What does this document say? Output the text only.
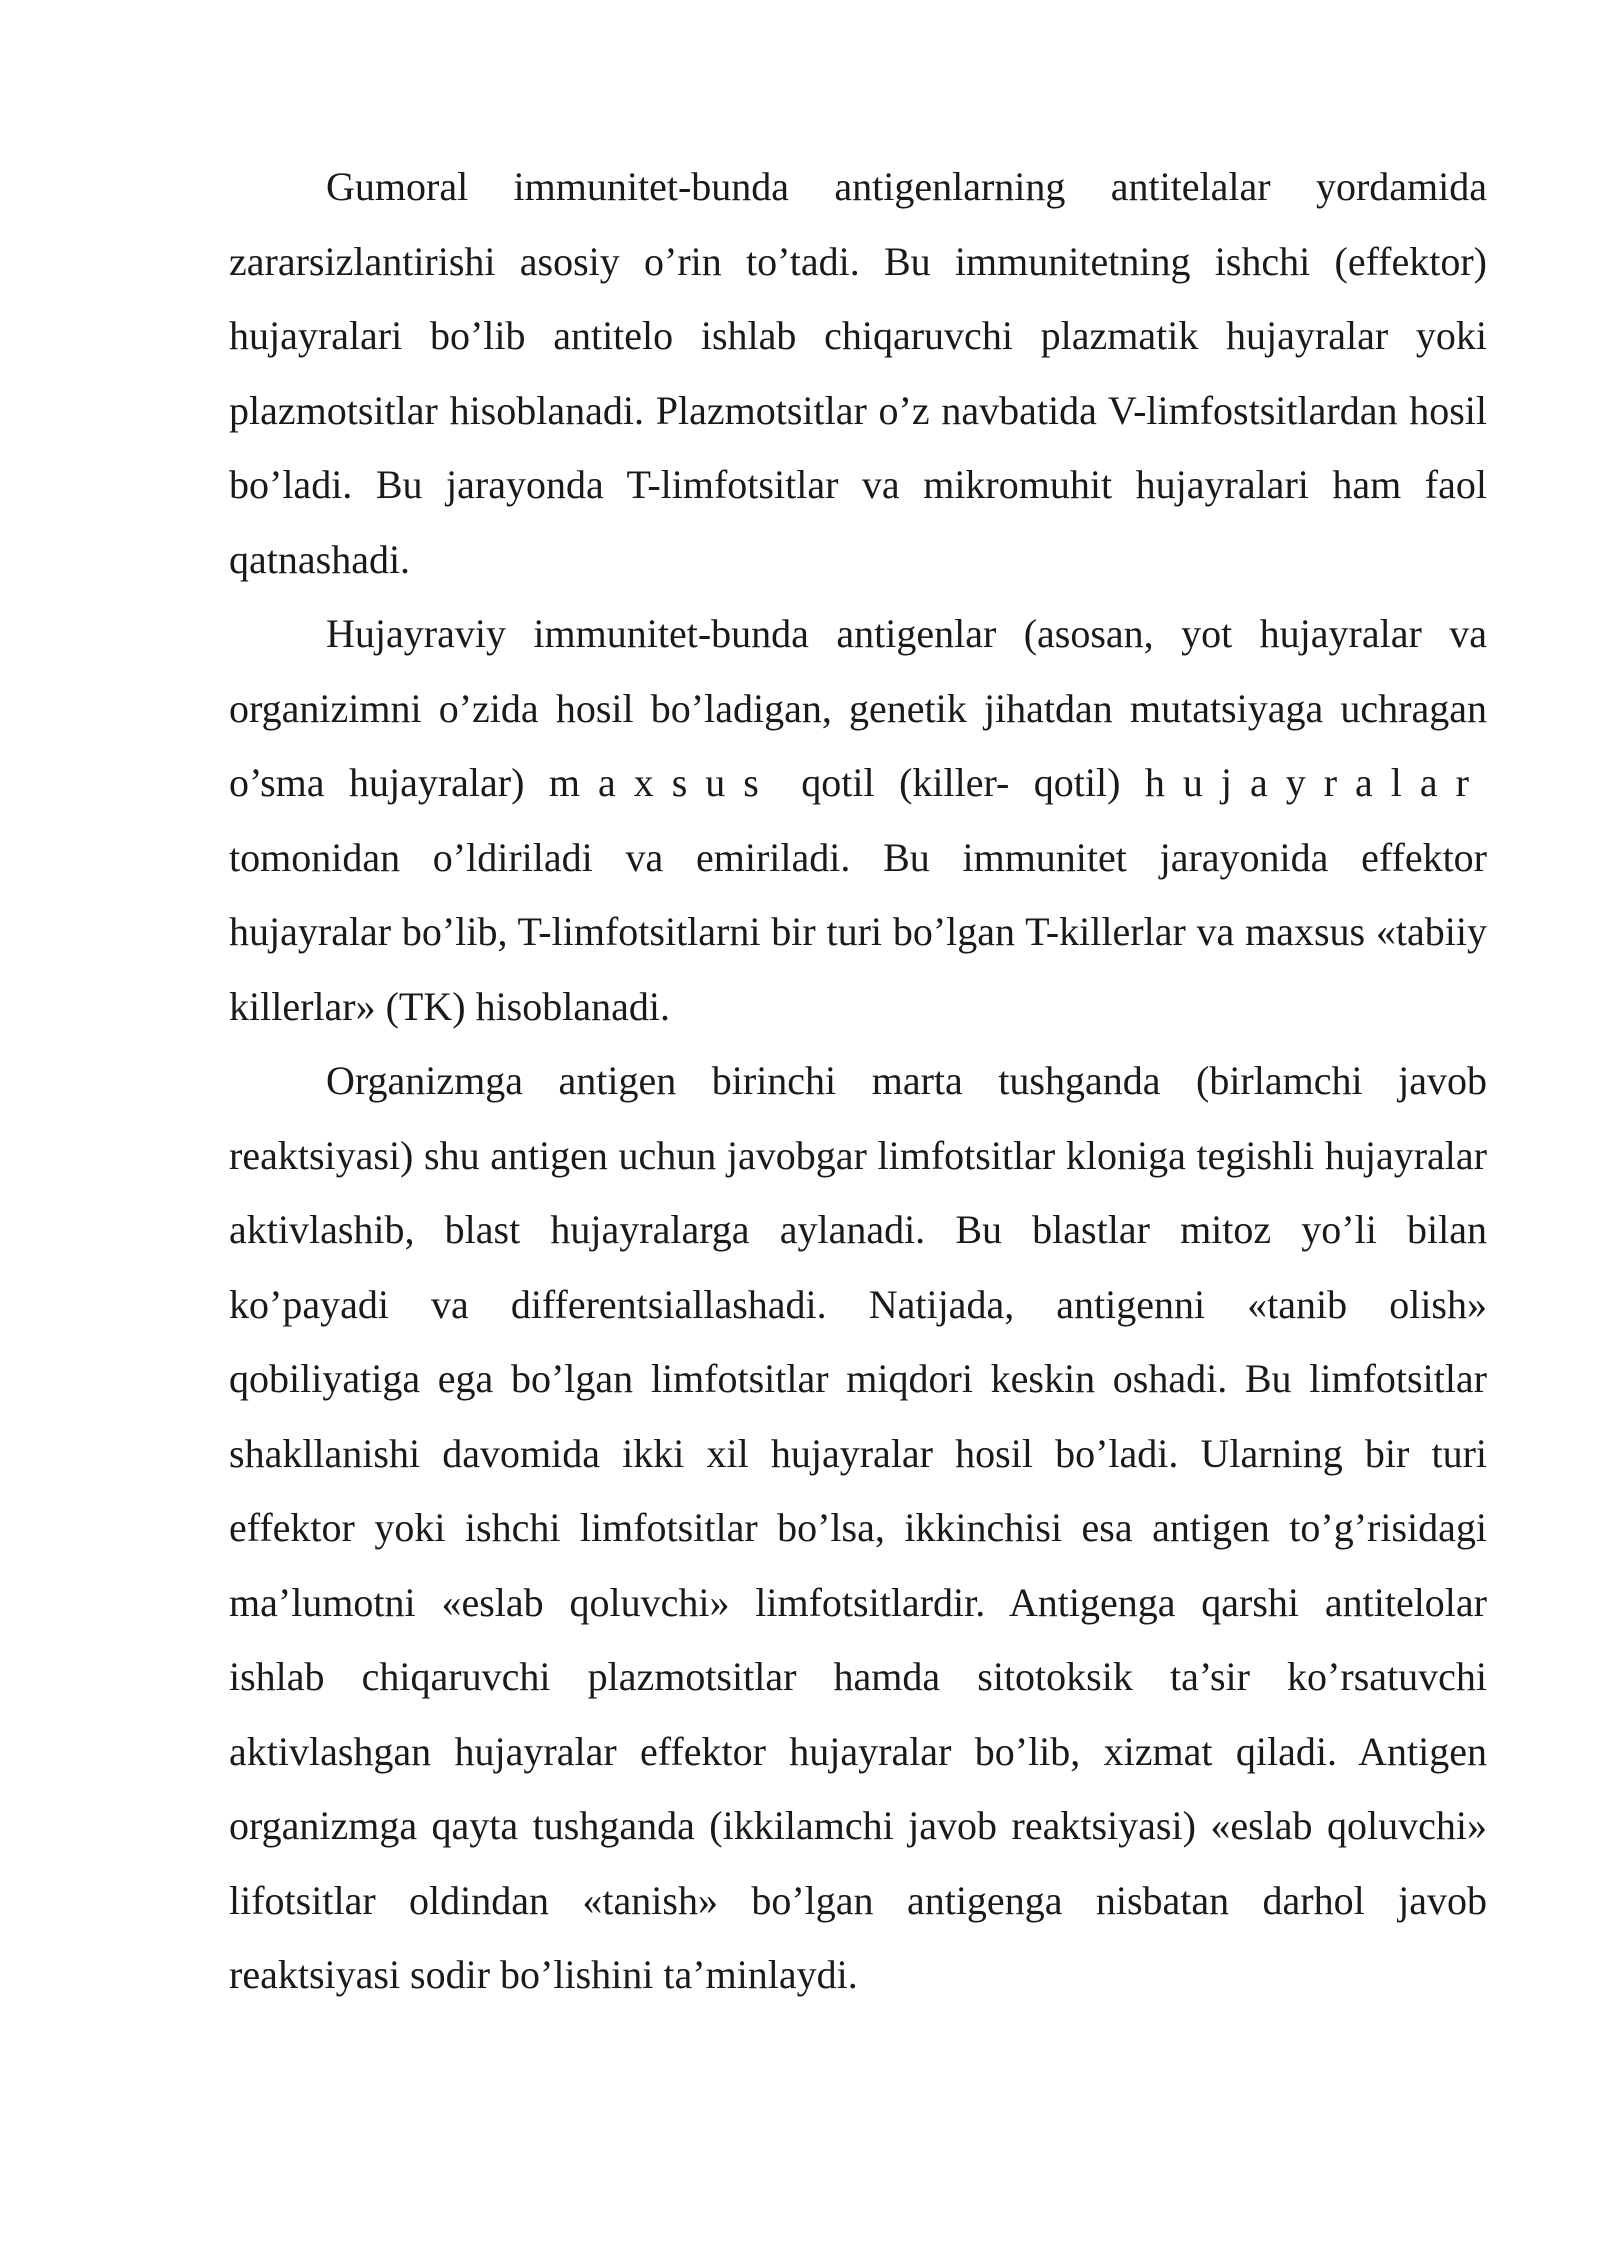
Gumoral immunitet-bunda antigenlarning antitelalar yordamida zararsizlantirishi asosiy o’rin to’tadi. Bu immunitetning ishchi (effektor) hujayralari bo’lib antitelo ishlab chiqaruvchi plazmatik hujayralar yoki plazmotsitlar hisoblanadi. Plazmotsitlar o’z navbatida V-limfostsitlardan hosil bo’ladi. Bu jarayonda T-limfotsitlar va mikromuhit hujayralari ham faol qatnashadi.

Hujayraviy immunitet-bunda antigenlar (asosan, yot hujayralar va organizimni o’zida hosil bo’ladigan, genetik jihatdan mutatsiyaga uchragan o’sma hujayralar) maxsus qotil (killer- qotil) hujayralar tomonidan o’ldiriladi va emiriladi. Bu immunitet jarayonida effektor hujayralar bo’lib, T-limfotsitlarni bir turi bo’lgan T-killerlar va maxsus «tabiiy killerlar» (TK) hisoblanadi.

Organizmga antigen birinchi marta tushganda (birlamchi javob reaktsiyasi) shu antigen uchun javobgar limfotsitlar kloniga tegishli hujayralar aktivlashib, blast hujayralarga aylanadi. Bu blastlar mitoz yo’li bilan ko’payadi va differentsiallashadi. Natijada, antigenni «tanib olish» qobiliyatiga ega bo’lgan limfotsitlar miqdori keskin oshadi. Bu limfotsitlar shakllanishi davomida ikki xil hujayralar hosil bo’ladi. Ularning bir turi effektor yoki ishchi limfotsitlar bo’lsa, ikkinchisi esa antigen to’g’risidagi ma’lumotni «eslab qoluvchi» limfotsitlardir. Antigenga qarshi antitelolar ishlab chiqaruvchi plazmotsitlar hamda sitotoksik ta’sir ko’rsatuvchi aktivlashgan hujayralar effektor hujayralar bo’lib, xizmat qiladi. Antigen organizmga qayta tushganda (ikkilamchi javob reaktsiyasi) «eslab qoluvchi» lifotsitlar oldindan «tanish» bo’lgan antigenga nisbatan darhol javob reaktsiyasi sodir bo’lishini ta’minlaydi.
